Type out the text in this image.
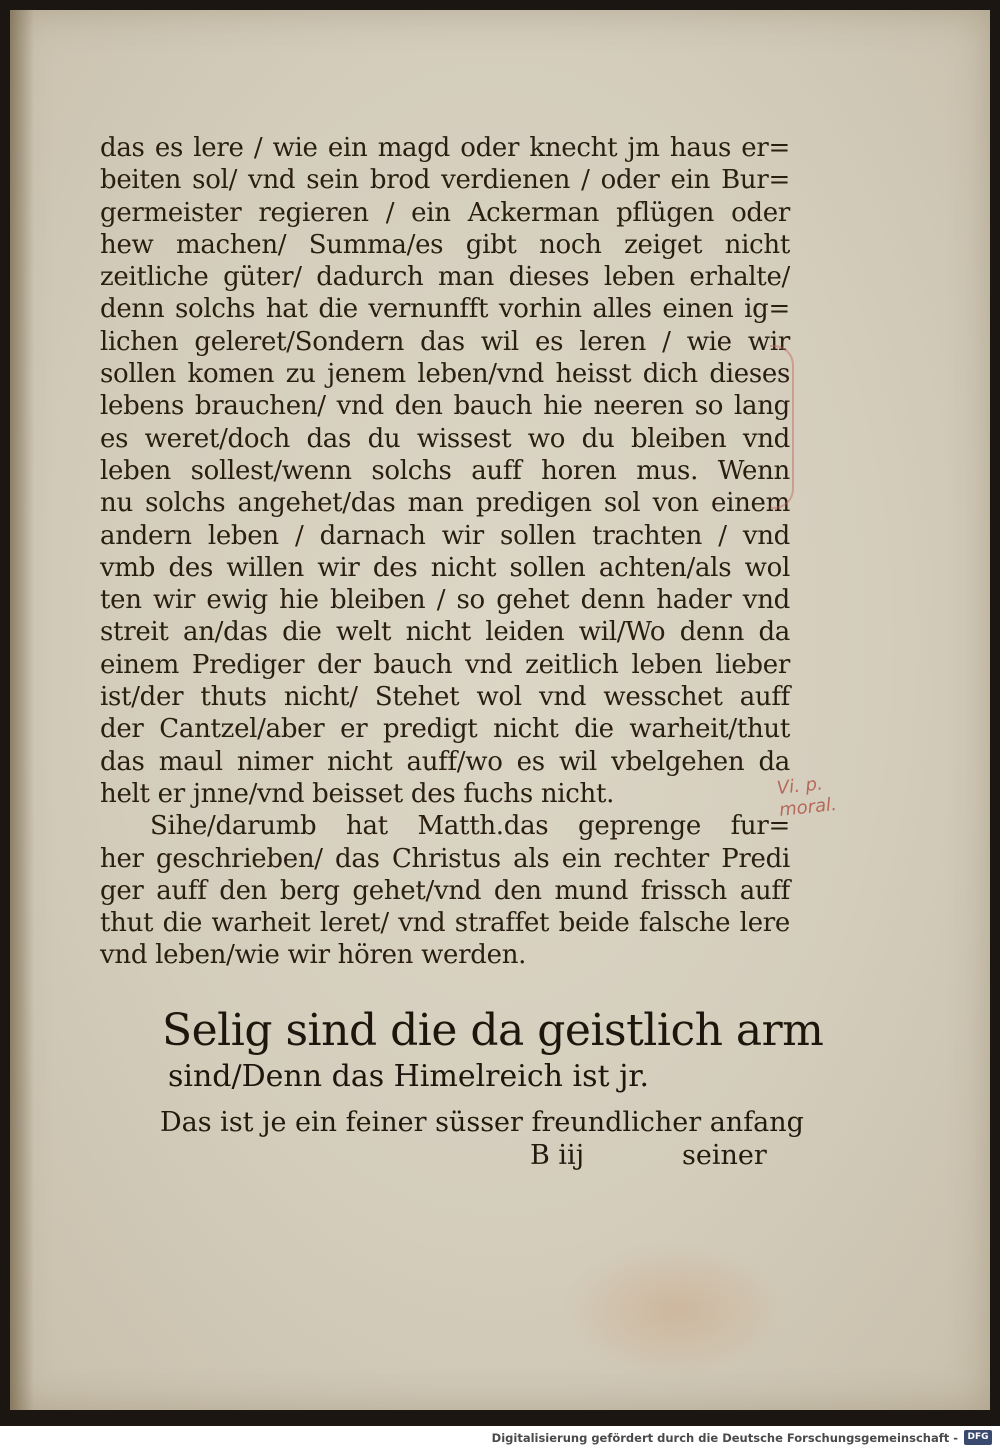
das es lere / wie ein magd oder knecht jm haus er=
beiten sol/ vnd sein brod verdienen / oder ein Bur=
germeister regieren / ein Ackerman pflügen oder
hew machen/ Summa/es gibt noch zeiget nicht
zeitliche güter/ dadurch man dieses leben erhalte/
denn solchs hat die vernunfft vorhin alles einen ig=
lichen geleret/Sondern das wil es leren / wie wir
sollen komen zu jenem leben/vnd heisst dich dieses
lebens brauchen/ vnd den bauch hie neeren so lang
es weret/doch das du wissest wo du bleiben vnd
leben sollest/wenn solchs auff horen mus. Wenn
nu solchs angehet/das man predigen sol von einem
andern leben / darnach wir sollen trachten / vnd
vmb des willen wir des nicht sollen achten/als wol
ten wir ewig hie bleiben / so gehet denn hader vnd
streit an/das die welt nicht leiden wil/Wo denn da
einem Prediger der bauch vnd zeitlich leben lieber
ist/der thuts nicht/ Stehet wol vnd wesschet auff
der Cantzel/aber er predigt nicht die warheit/thut
das maul nimer nicht auff/wo es wil vbelgehen da
helt er jnne/vnd beisset des fuchs nicht.
Sihe/darumb hat Matth.das geprenge fur=
her geschrieben/ das Christus als ein rechter Predi
ger auff den berg gehet/vnd den mund frissch auff
thut die warheit leret/ vnd straffet beide falsche lere
vnd leben/wie wir hören werden.
Vi. p.
moral.
Selig sind die da geistlich arm
sind/Denn das Himelreich ist jr.
Das ist je ein feiner süsser freundlicher anfang
B iij	seiner
Digitalisierung gefördert durch die Deutsche Forschungsgemeinschaft -	DFG
